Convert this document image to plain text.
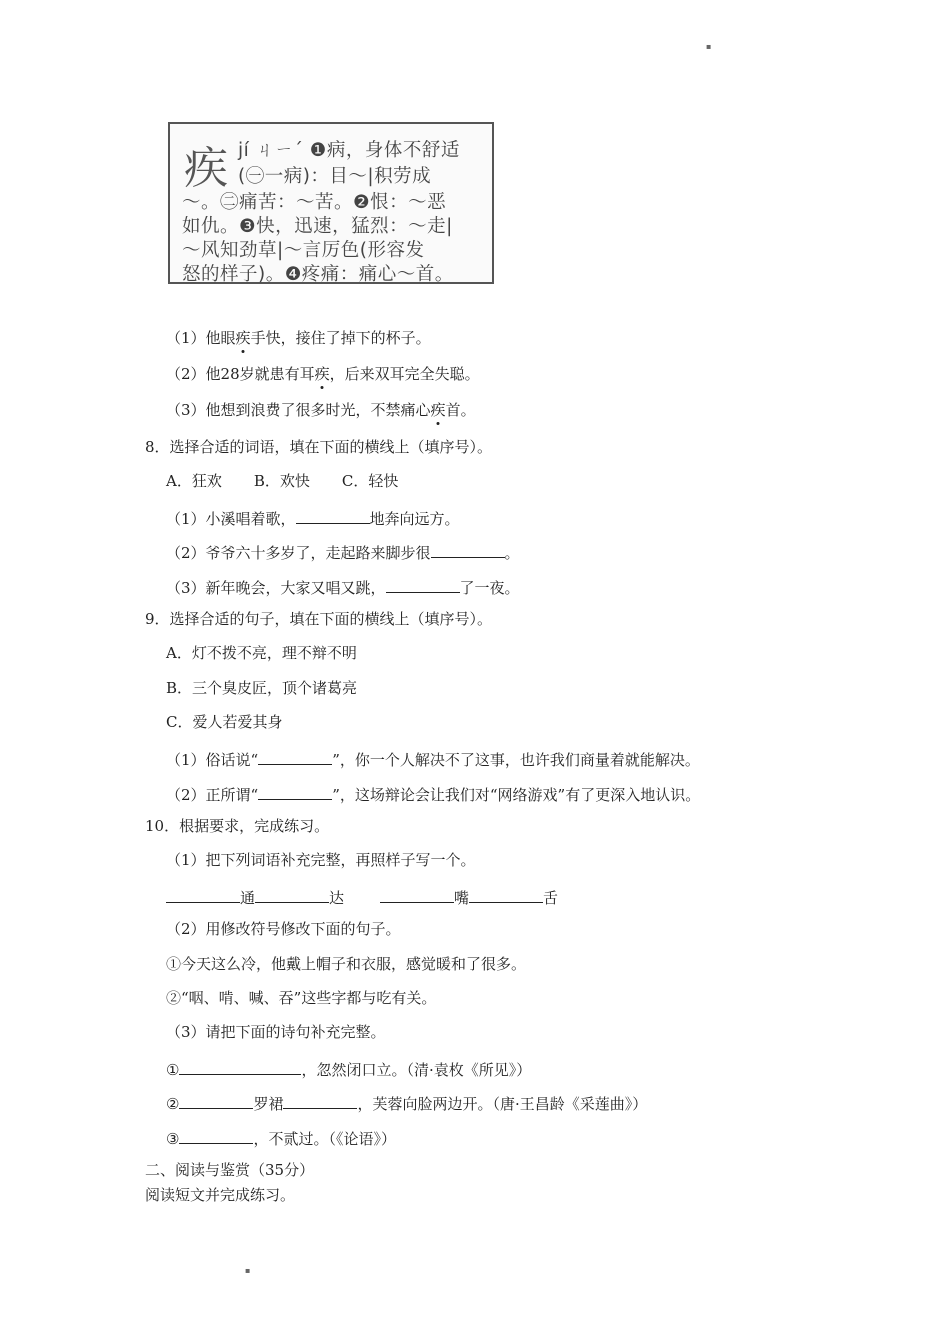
▪
疾 jí ㄐㄧˊ ❶病，身体不舒适
(㊀一病)：目～|积劳成
～。㊁痛苦：～苦。❷恨：～恶
如仇。❸快，迅速，猛烈：～走|
～风知劲草|～言厉色(形容发
怒的样子)。❹疼痛：痛心～首。
（1）他眼疾手快，接住了掉下的杯子。
（2）他28岁就患有耳疾，后来双耳完全失聪。
（3）他想到浪费了很多时光，不禁痛心疾首。
8．选择合适的词语，填在下面的横线上（填序号）。
A．狂欢 B．欢快 C．轻快
（1）小溪唱着歌，	地奔向远方。
（2）爷爷六十多岁了，走起路来脚步很	。
（3）新年晚会，大家又唱又跳，	了一夜。
9．选择合适的句子，填在下面的横线上（填序号）。
A．灯不拨不亮，理不辩不明
B．三个臭皮匠，顶个诸葛亮
C．爱人若爱其身
（1）俗话说“	”，你一个人解决不了这事，也许我们商量着就能解决。
（2）正所谓“	”，这场辩论会让我们对“网络游戏”有了更深入地认识。
10．根据要求，完成练习。
（1）把下列词语补充完整，再照样子写一个。
通	达	嘴	舌
（2）用修改符号修改下面的句子。
①今天这么冷，他戴上帽子和衣服，感觉暖和了很多。
②“咽、啃、喊、吞”这些字都与吃有关。
（3）请把下面的诗句补充完整。
①	，忽然闭口立。（清·袁枚《所见》）
②	罗裙	，芙蓉向脸两边开。（唐·王昌龄《采莲曲》）
③	，不贰过。（《论语》）
二、阅读与鉴赏（35分）
阅读短文并完成练习。
▪
